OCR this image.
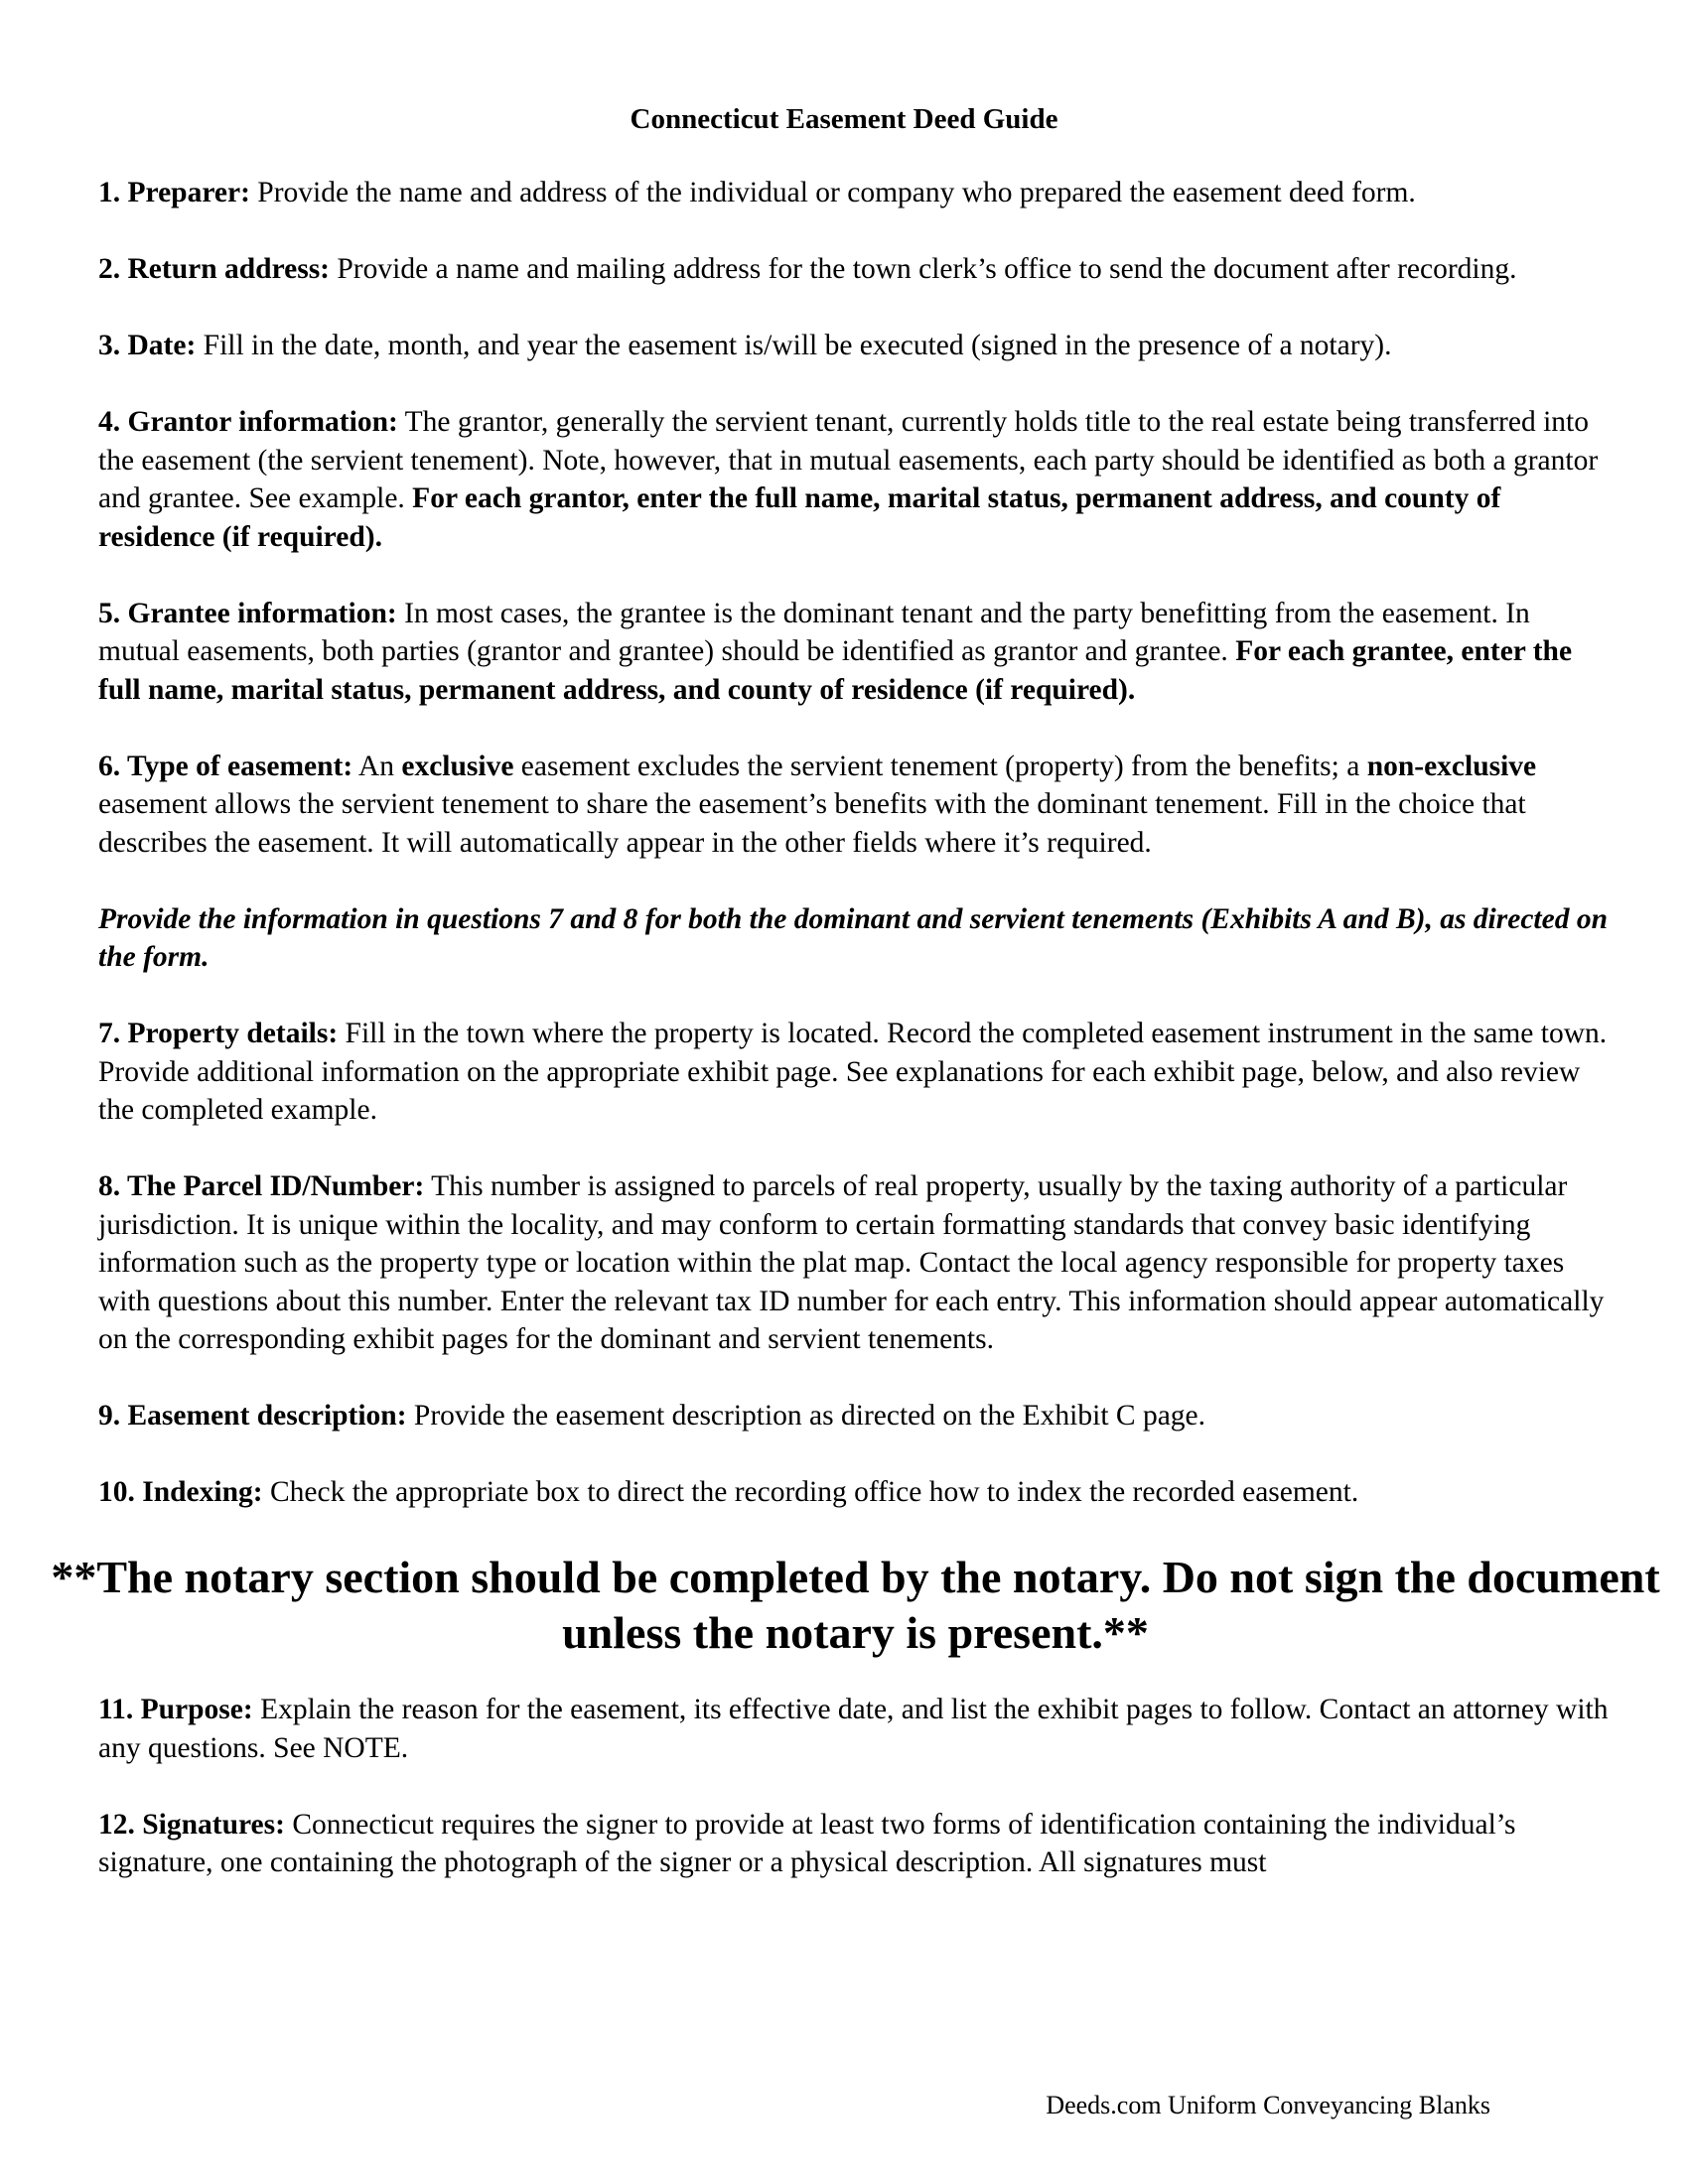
Connecticut Easement Deed Guide

1. Preparer: Provide the name and address of the individual or company who prepared the easement deed form.

2. Return address: Provide a name and mailing address for the town clerk’s office to send the document after recording.

3. Date: Fill in the date, month, and year the easement is/will be executed (signed in the presence of a notary).

4. Grantor information: The grantor, generally the servient tenant, currently holds title to the real estate being transferred into the easement (the servient tenement). Note, however, that in mutual easements, each party should be identified as both a grantor and grantee. See example. For each grantor, enter the full name, marital status, permanent address, and county of residence (if required).

5. Grantee information: In most cases, the grantee is the dominant tenant and the party benefitting from the easement. In mutual easements, both parties (grantor and grantee) should be identified as grantor and grantee. For each grantee, enter the full name, marital status, permanent address, and county of residence (if required).

6. Type of easement: An exclusive easement excludes the servient tenement (property) from the benefits; a non-exclusive easement allows the servient tenement to share the easement’s benefits with the dominant tenement. Fill in the choice that describes the easement. It will automatically appear in the other fields where it’s required.

Provide the information in questions 7 and 8 for both the dominant and servient tenements (Exhibits A and B), as directed on the form.

7. Property details: Fill in the town where the property is located. Record the completed easement instrument in the same town. Provide additional information on the appropriate exhibit page. See explanations for each exhibit page, below, and also review the completed example.

8. The Parcel ID/Number: This number is assigned to parcels of real property, usually by the taxing authority of a particular jurisdiction. It is unique within the locality, and may conform to certain formatting standards that convey basic identifying information such as the property type or location within the plat map. Contact the local agency responsible for property taxes with questions about this number. Enter the relevant tax ID number for each entry. This information should appear automatically on the corresponding exhibit pages for the dominant and servient tenements.

9. Easement description: Provide the easement description as directed on the Exhibit C page.

10. Indexing: Check the appropriate box to direct the recording office how to index the recorded easement.

**The notary section should be completed by the notary. Do not sign the document unless the notary is present.**

11. Purpose: Explain the reason for the easement, its effective date, and list the exhibit pages to follow. Contact an attorney with any questions. See NOTE.

12. Signatures: Connecticut requires the signer to provide at least two forms of identification containing the individual’s signature, one containing the photograph of the signer or a physical description. All signatures must

Deeds.com Uniform Conveyancing Blanks
